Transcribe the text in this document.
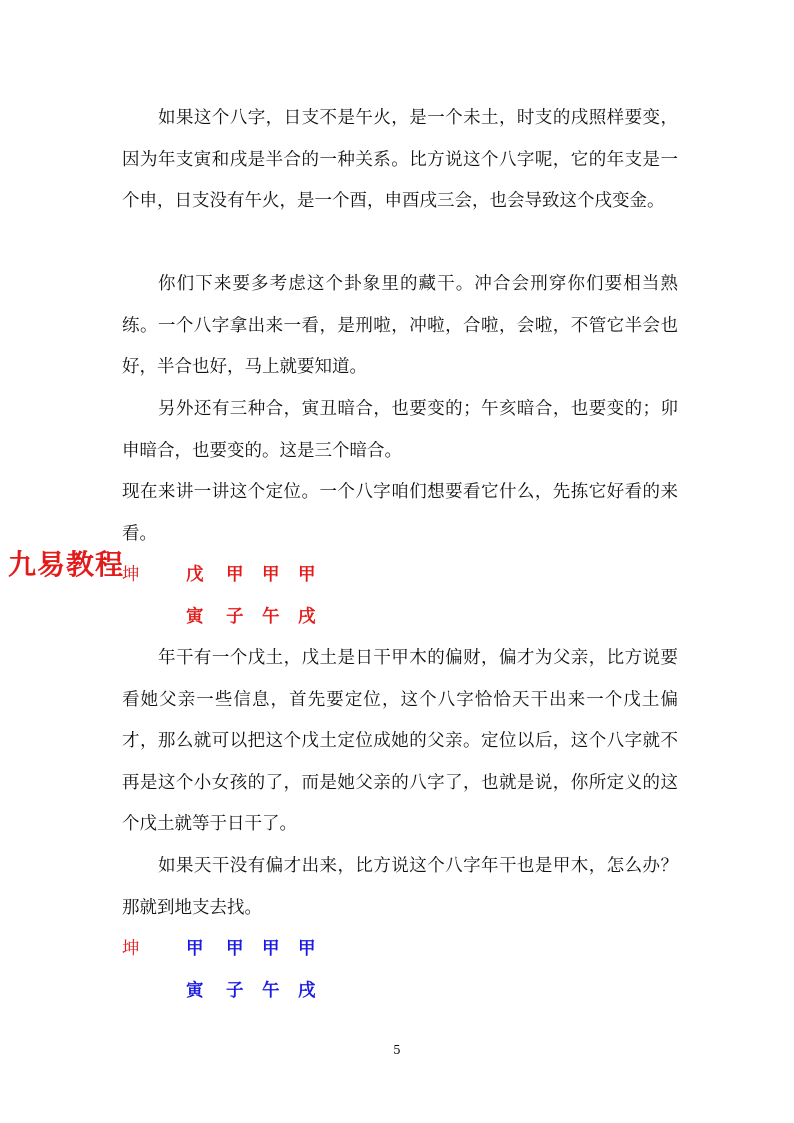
如果这个八字，日支不是午火，是一个未土，时支的戌照样要变，因为年支寅和戌是半合的一种关系。比方说这个八字呢，它的年支是一个申，日支没有午火，是一个酉，申酉戌三会，也会导致这个戌变金。

你们下来要多考虑这个卦象里的藏干。冲合会刑穿你们要相当熟练。一个八字拿出来一看，是刑啦，冲啦，合啦，会啦，不管它半会也好，半合也好，马上就要知道。

另外还有三种合，寅丑暗合，也要变的；午亥暗合，也要变的；卯申暗合，也要变的。这是三个暗合。

现在来讲一讲这个定位。一个八字咱们想要看它什么，先拣它好看的来看。

坤	戊 甲 甲 甲
寅 子 午 戌
九易教程

年干有一个戊土，戊土是日干甲木的偏财，偏才为父亲，比方说要看她父亲一些信息，首先要定位，这个八字恰恰天干出来一个戊土偏才，那么就可以把这个戊土定位成她的父亲。定位以后，这个八字就不再是这个小女孩的了，而是她父亲的八字了，也就是说，你所定义的这个戊土就等于日干了。

如果天干没有偏才出来，比方说这个八字年干也是甲木，怎么办？那就到地支去找。

坤	甲 甲 甲 甲
寅 子 午 戌
5
